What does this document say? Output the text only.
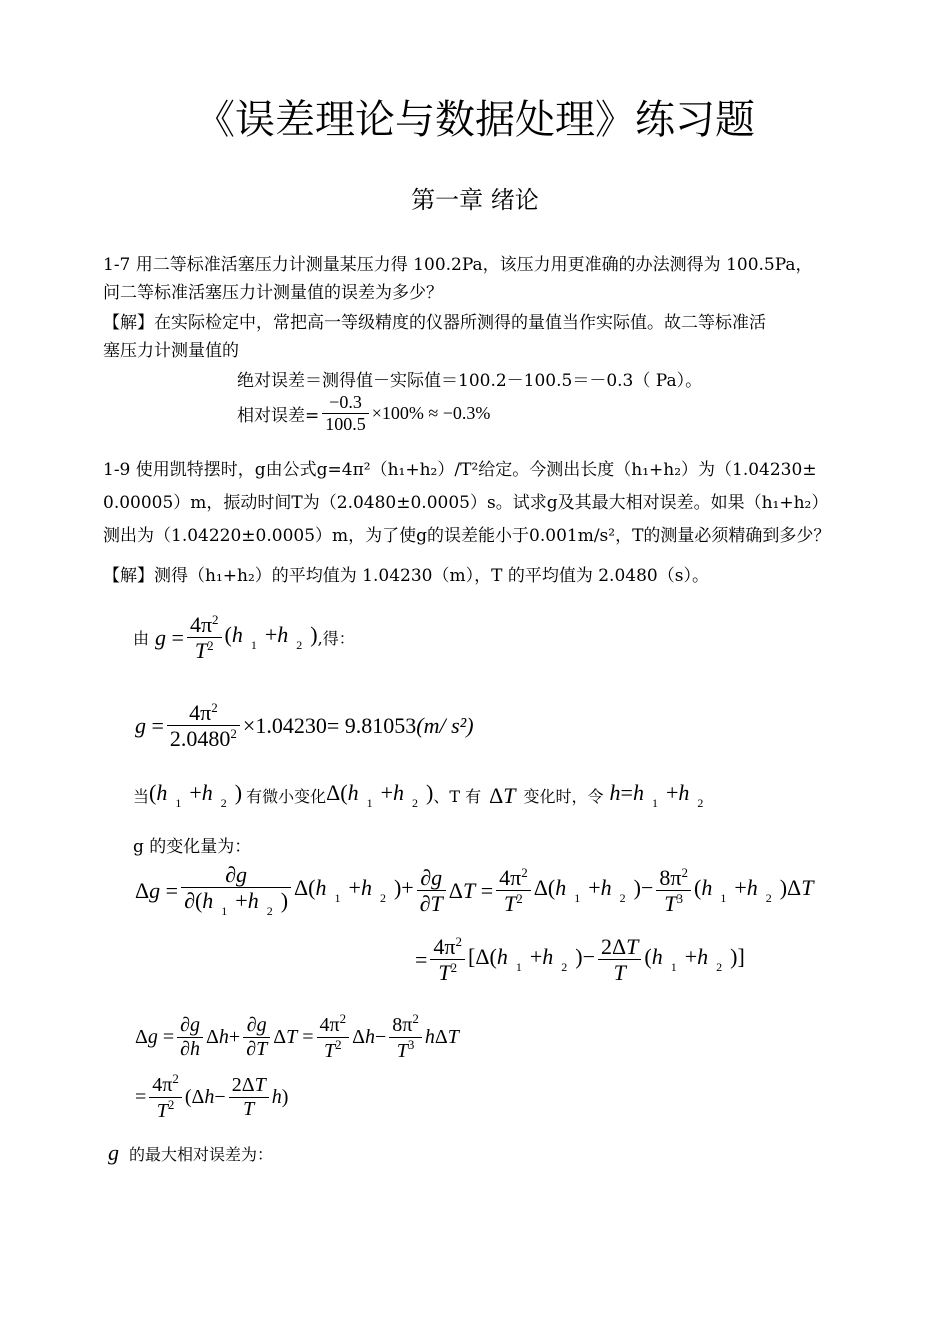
《误差理论与数据处理》练习题
第一章 绪论
1-7 用二等标准活塞压力计测量某压力得 100.2Pa，该压力用更准确的办法测得为 100.5Pa，
问二等标准活塞压力计测量值的误差为多少？
【解】在实际检定中，常把高一等级精度的仪器所测得的量值当作实际值。故二等标准活
塞压力计测量值的
绝对误差＝测得值－实际值＝100.2－100.5＝－0.3（ Pa）。
相对误差= $\frac{-0.3}{100.5} \times 100\% \approx -0.3\%$
1-9 使用凯特摆时，g由公式g=4π²（h₁+h₂）/T²给定。今测出长度（h₁+h₂）为（1.04230±
0.00005）m，振动时间T为（2.0480±0.0005）s。试求g及其最大相对误差。如果（h₁+h₂）
测出为（1.04220±0.0005）m，为了使g的误差能小于0.001m/s²，T的测量必须精确到多少？
【解】测得（h₁+h₂）的平均值为 1.04230（m），T 的平均值为 2.0480（s）。
由 $g = \frac{4\pi^2}{T^2} (h$ $_1$ +h $_2$ ) ,得：
$g = \frac{4\pi^2}{2.0480^2} \times 1.04230= 9.81053$ (m/ s²)
当 (h $_1$ +h $_2$ ) 有微小变化 Δ(h $_1$ +h $_2$ ) 、T 有 ΔT 变化时，令 h=h $_1$ +h $_2$
g 的变化量为：
$\Delta g = \frac{\partial g}{\partial(h _1 +h _2 )} \Delta(h$ $_1$ +h $_2$ )+ $\frac{\partial g}{\partial T}$ $\Delta T = \frac{4\pi^2}{T^2} \Delta(h$ $_1$ +h $_2$ )− $\frac{8\pi^2}{T^3} (h$ $_1$ +h $_2$ )ΔT
= $\frac{4\pi^2}{T^2} [\Delta(h$ $_1$ +h $_2$ )− $\frac{2\Delta T}{T} (h$ $_1$ +h $_2$ )]
$\Delta g = \frac{\partial g}{\partial h} \Delta h+ \frac{\partial g}{\partial T}$ $\Delta T = \frac{4\pi^2}{T^2} \Delta h- \frac{8\pi^2}{T^3}$ hΔT
= $\frac{4\pi^2}{T^2} (\Delta h- \frac{2\Delta T}{T} h)$
g 的最大相对误差为：
